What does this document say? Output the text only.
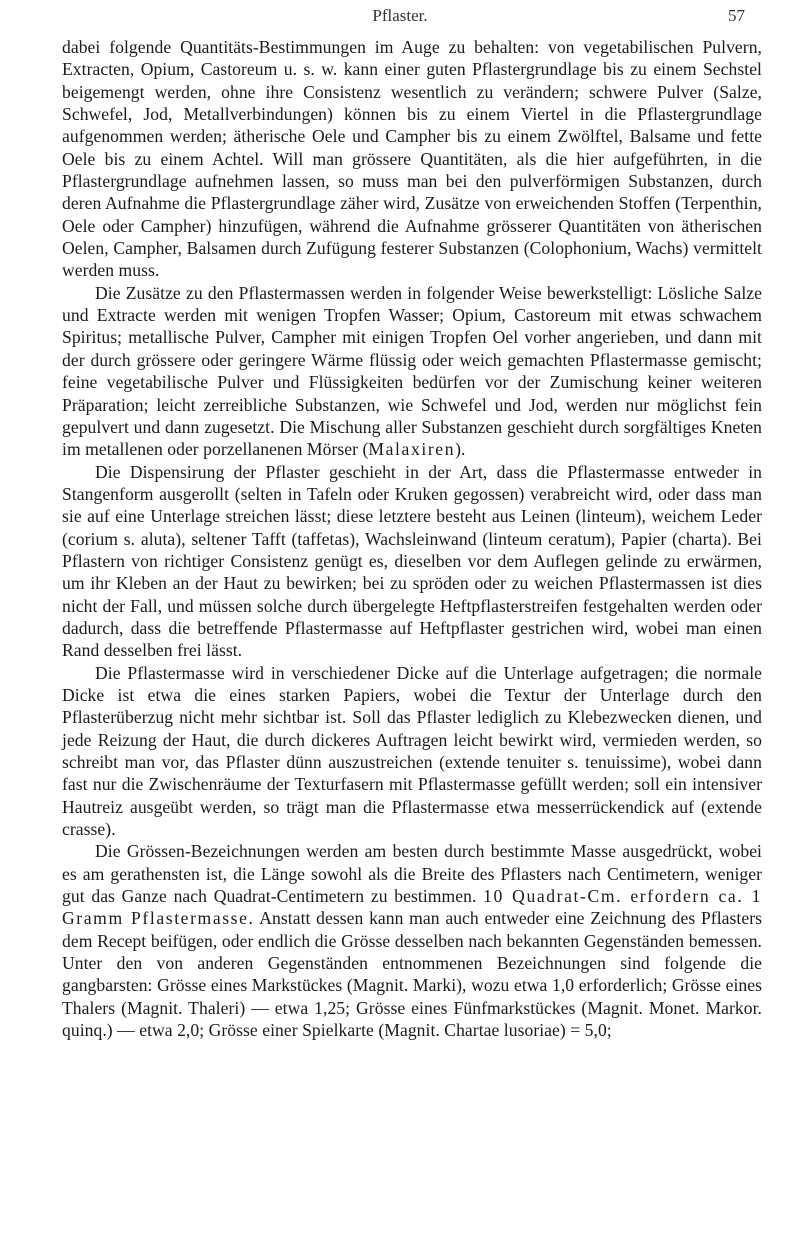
Pflaster.	57

dabei folgende Quantitäts-Bestimmungen im Auge zu behalten: von vegetabilischen Pulvern, Extracten, Opium, Castoreum u. s. w. kann einer guten Pflastergrundlage bis zu einem Sechstel beigemengt werden, ohne ihre Consistenz wesentlich zu verändern; schwere Pulver (Salze, Schwefel, Jod, Metallverbindungen) können bis zu einem Viertel in die Pflastergrundlage aufgenommen werden; ätherische Oele und Campher bis zu einem Zwölftel, Balsame und fette Oele bis zu einem Achtel. Will man grössere Quantitäten, als die hier aufgeführten, in die Pflastergrundlage aufnehmen lassen, so muss man bei den pulverförmigen Substanzen, durch deren Aufnahme die Pflastergrundlage zäher wird, Zusätze von erweichenden Stoffen (Terpenthin, Oele oder Campher) hinzufügen, während die Aufnahme grösserer Quantitäten von ätherischen Oelen, Campher, Balsamen durch Zufügung festerer Substanzen (Colophonium, Wachs) vermittelt werden muss.

Die Zusätze zu den Pflastermassen werden in folgender Weise bewerkstelligt: Lösliche Salze und Extracte werden mit wenigen Tropfen Wasser; Opium, Castoreum mit etwas schwachem Spiritus; metallische Pulver, Campher mit einigen Tropfen Oel vorher angerieben, und dann mit der durch grössere oder geringere Wärme flüssig oder weich gemachten Pflastermasse gemischt; feine vegetabilische Pulver und Flüssigkeiten bedürfen vor der Zumischung keiner weiteren Präparation; leicht zerreibliche Substanzen, wie Schwefel und Jod, werden nur möglichst fein gepulvert und dann zugesetzt. Die Mischung aller Substanzen geschieht durch sorgfältiges Kneten im metallenen oder porzellanenen Mörser (Malaxiren).

Die Dispensirung der Pflaster geschieht in der Art, dass die Pflastermasse entweder in Stangenform ausgerollt (selten in Tafeln oder Kruken gegossen) verabreicht wird, oder dass man sie auf eine Unterlage streichen lässt; diese letztere besteht aus Leinen (linteum), weichem Leder (corium s. aluta), seltener Tafft (taffetas), Wachsleinwand (linteum ceratum), Papier (charta). Bei Pflastern von richtiger Consistenz genügt es, dieselben vor dem Auflegen gelinde zu erwärmen, um ihr Kleben an der Haut zu bewirken; bei zu spröden oder zu weichen Pflastermassen ist dies nicht der Fall, und müssen solche durch übergelegte Heftpflasterstreifen festgehalten werden oder dadurch, dass die betreffende Pflastermasse auf Heftpflaster gestrichen wird, wobei man einen Rand desselben frei lässt.

Die Pflastermasse wird in verschiedener Dicke auf die Unterlage aufgetragen; die normale Dicke ist etwa die eines starken Papiers, wobei die Textur der Unterlage durch den Pflasterüberzug nicht mehr sichtbar ist. Soll das Pflaster lediglich zu Klebezwecken dienen, und jede Reizung der Haut, die durch dickeres Auftragen leicht bewirkt wird, vermieden werden, so schreibt man vor, das Pflaster dünn auszustreichen (extende tenuiter s. tenuissime), wobei dann fast nur die Zwischenräume der Texturfasern mit Pflastermasse gefüllt werden; soll ein intensiver Hautreiz ausgeübt werden, so trägt man die Pflastermasse etwa messerrückendick auf (extende crasse).

Die Grössen-Bezeichnungen werden am besten durch bestimmte Masse ausgedrückt, wobei es am gerathensten ist, die Länge sowohl als die Breite des Pflasters nach Centimetern, weniger gut das Ganze nach Quadrat-Centimetern zu bestimmen. 10 Quadrat-Cm. erfordern ca. 1 Gramm Pflastermasse. Anstatt dessen kann man auch entweder eine Zeichnung des Pflasters dem Recept beifügen, oder endlich die Grösse desselben nach bekannten Gegenständen bemessen. Unter den von anderen Gegenständen entnommenen Bezeichnungen sind folgende die gangbarsten: Grösse eines Markstückes (Magnit. Marki), wozu etwa 1,0 erforderlich; Grösse eines Thalers (Magnit. Thaleri) — etwa 1,25; Grösse eines Fünfmarkstückes (Magnit. Monet. Markor. quinq.) — etwa 2,0; Grösse einer Spielkarte (Magnit. Chartae lusoriae) = 5,0;
